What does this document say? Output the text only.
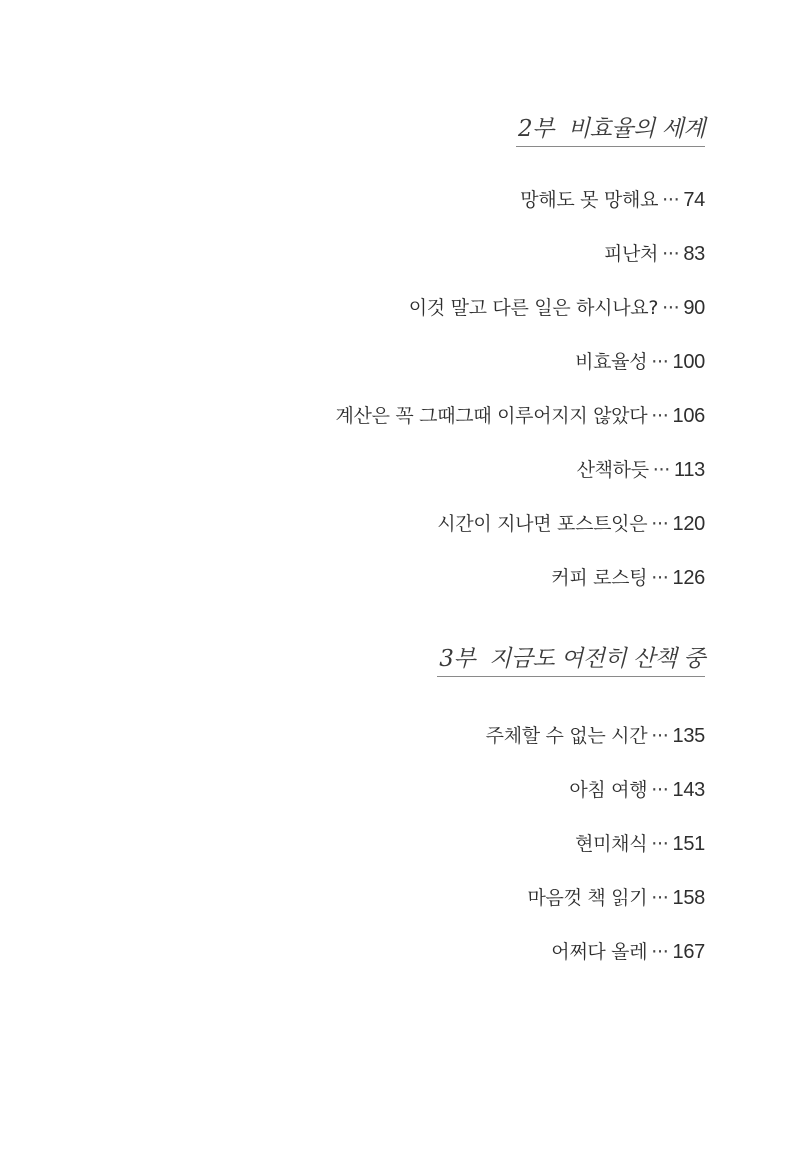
2부 비효율의 세계
망해도 못 망해요 ··· 74
피난처 ··· 83
이것 말고 다른 일은 하시나요? ··· 90
비효율성 ··· 100
계산은 꼭 그때그때 이루어지지 않았다 ··· 106
산책하듯 ··· 113
시간이 지나면 포스트잇은 ··· 120
커피 로스팅 ··· 126
3부 지금도 여전히 산책 중
주체할 수 없는 시간 ··· 135
아침 여행 ··· 143
현미채식 ··· 151
마음껏 책 읽기 ··· 158
어쩌다 올레 ··· 167
